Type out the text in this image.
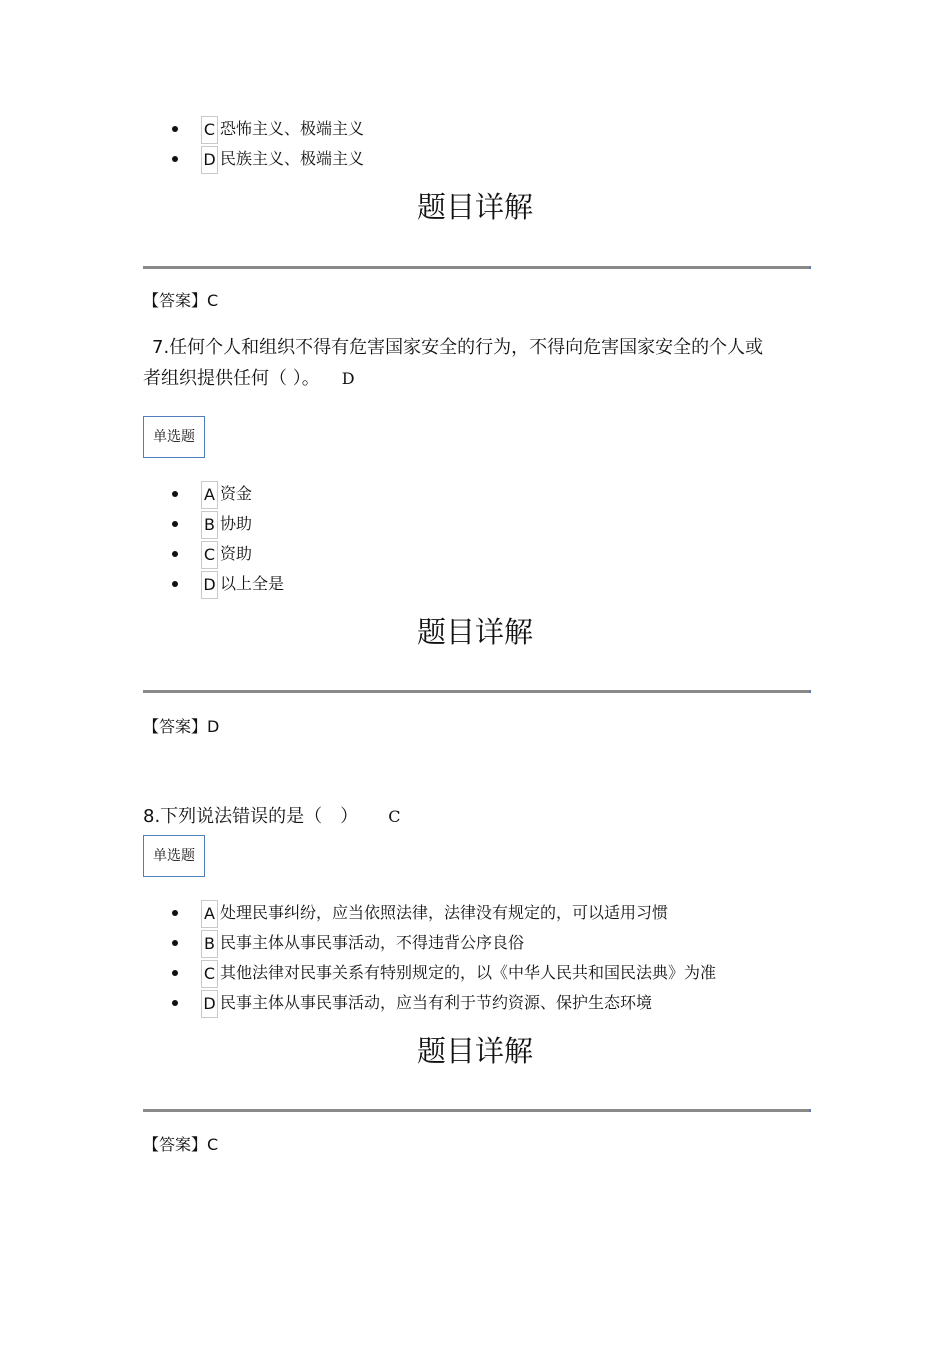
C 恐怖主义、极端主义
D 民族主义、极端主义
题目详解
【答案】C
7.任何个人和组织不得有危害国家安全的行为，不得向危害国家安全的个人或
者组织提供任何（ ）。 D
单选题
A 资金
B 协助
C 资助
D 以上全是
题目详解
【答案】D
8.下列说法错误的是（　） C
单选题
A 处理民事纠纷，应当依照法律，法律没有规定的，可以适用习惯
B 民事主体从事民事活动，不得违背公序良俗
C 其他法律对民事关系有特别规定的，以《中华人民共和国民法典》为准
D 民事主体从事民事活动，应当有利于节约资源、保护生态环境
题目详解
【答案】C
